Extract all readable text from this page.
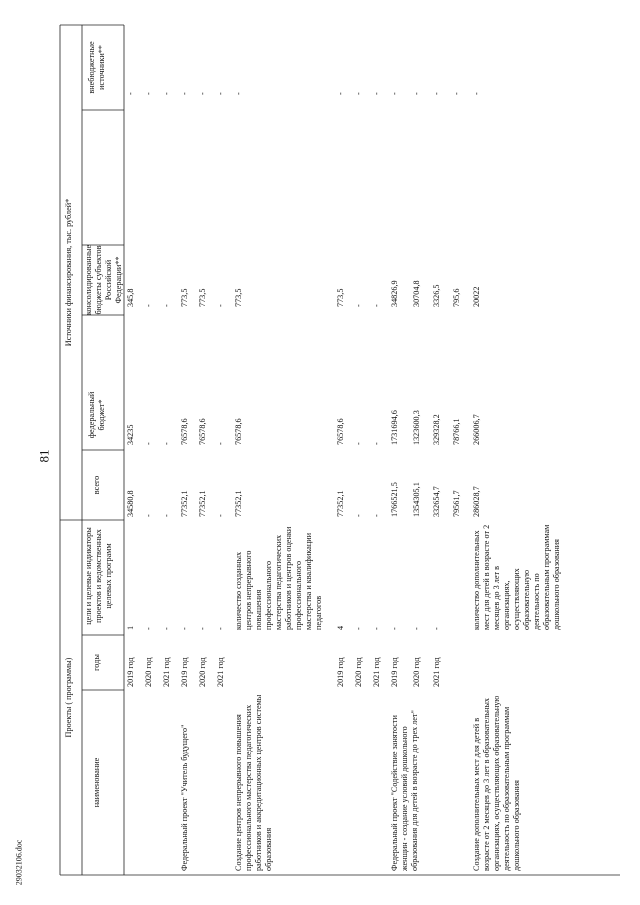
81
29032106.doc
Проекты ( программы)
Источники финансирования, тыс. рублей*
наименование
годы
цели и целевые индикаторы проектов и ведомственных целевых программ
всего
федеральный бюджет*
консолидированные бюджеты субъектов Российской Федерации**
внебюджетные источники**
2019 год
1
34580,8
34235
345,8
-
2020 год
-
-
-
-
-
2021 год
-
-
-
-
-
Федеральный проект "Учитель будущего"
2019 год
-
77352,1
76578,6
773,5
-
2020 год
-
77352,1
76578,6
773,5
-
2021 год
-
-
-
-
-
Создание центров непрерывного повышения профессионального мастерства педагогических работников и аккредитационных центров системы образования
количество созданных центров непрерывного повышения профессионального мастерства педагогических работников и центров оценки профессионального мастерства и квалификации педагогов
77352,1
76578,6
773,5
-
2019 год
4
77352,1
76578,6
773,5
-
2020 год
-
-
-
-
-
2021 год
-
-
-
-
-
Федеральный проект "Содействие занятости женщин - создание условий дошкольного образования для детей в возрасте до трех лет"
2019 год
-
1766521,5
1731694,6
34826,9
-
2020 год
-
1354305,1
1323600,3
30704,8
-
2021 год
-
332654,7
329328,2
3326,5
-
79561,7
78766,1
795,6
-
Создание дополнительных мест для детей в возрасте от 2 месяцев до 3 лет в образовательных организациях, осуществляющих образовательную деятельность по образовательным программам дошкольного образования
количество дополнительных мест для детей в возрасте от 2 месяцев до 3 лет в организациях, осуществляющих образовательную деятельность по образовательным программам дошкольного образования
286028,7
266006,7
20022
-
